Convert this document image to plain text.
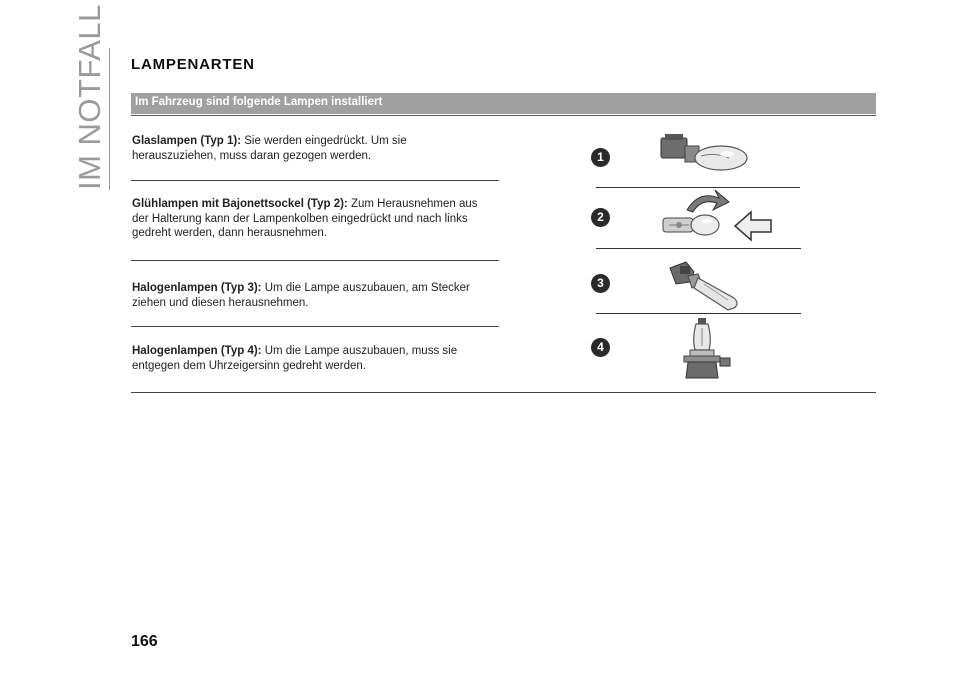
IM NOTFALL LAMPENARTEN
Im Fahrzeug sind folgende Lampen installiert
Glaslampen (Typ 1): Sie werden eingedrückt. Um sie
herauszuziehen, muss daran gezogen werden.
Glühlampen mit Bajonettsockel (Typ 2): Zum Herausnehmen aus
der Halterung kann der Lampenkolben eingedrückt und nach links
gedreht werden, dann herausnehmen.
Halogenlampen (Typ 3): Um die Lampe auszubauen, am Stecker
ziehen und diesen herausnehmen.
Halogenlampen (Typ 4): Um die Lampe auszubauen, muss sie
entgegen dem Uhrzeigersinn gedreht werden.
1
2
3
4
166
